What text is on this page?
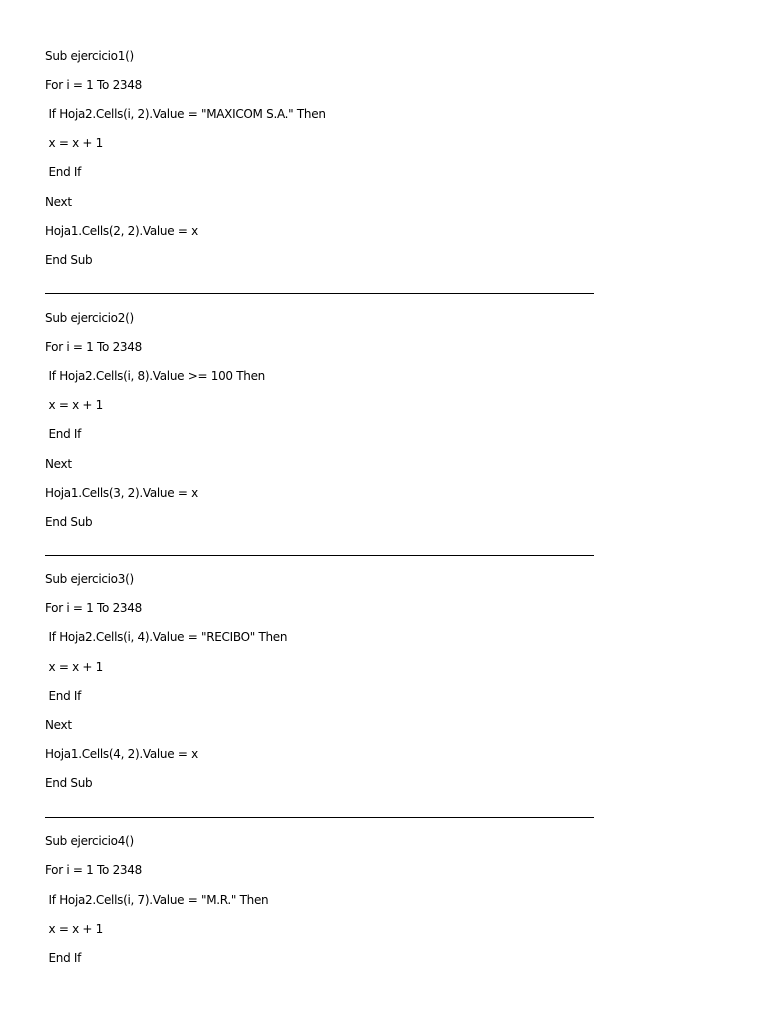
Sub ejercicio1()
For i = 1 To 2348
If Hoja2.Cells(i, 2).Value = "MAXICOM S.A." Then
x = x + 1
End If
Next
Hoja1.Cells(2, 2).Value = x
End Sub
Sub ejercicio2()
For i = 1 To 2348
If Hoja2.Cells(i, 8).Value >= 100 Then
x = x + 1
End If
Next
Hoja1.Cells(3, 2).Value = x
End Sub
Sub ejercicio3()
For i = 1 To 2348
If Hoja2.Cells(i, 4).Value = "RECIBO" Then
x = x + 1
End If
Next
Hoja1.Cells(4, 2).Value = x
End Sub
Sub ejercicio4()
For i = 1 To 2348
If Hoja2.Cells(i, 7).Value = "M.R." Then
x = x + 1
End If
